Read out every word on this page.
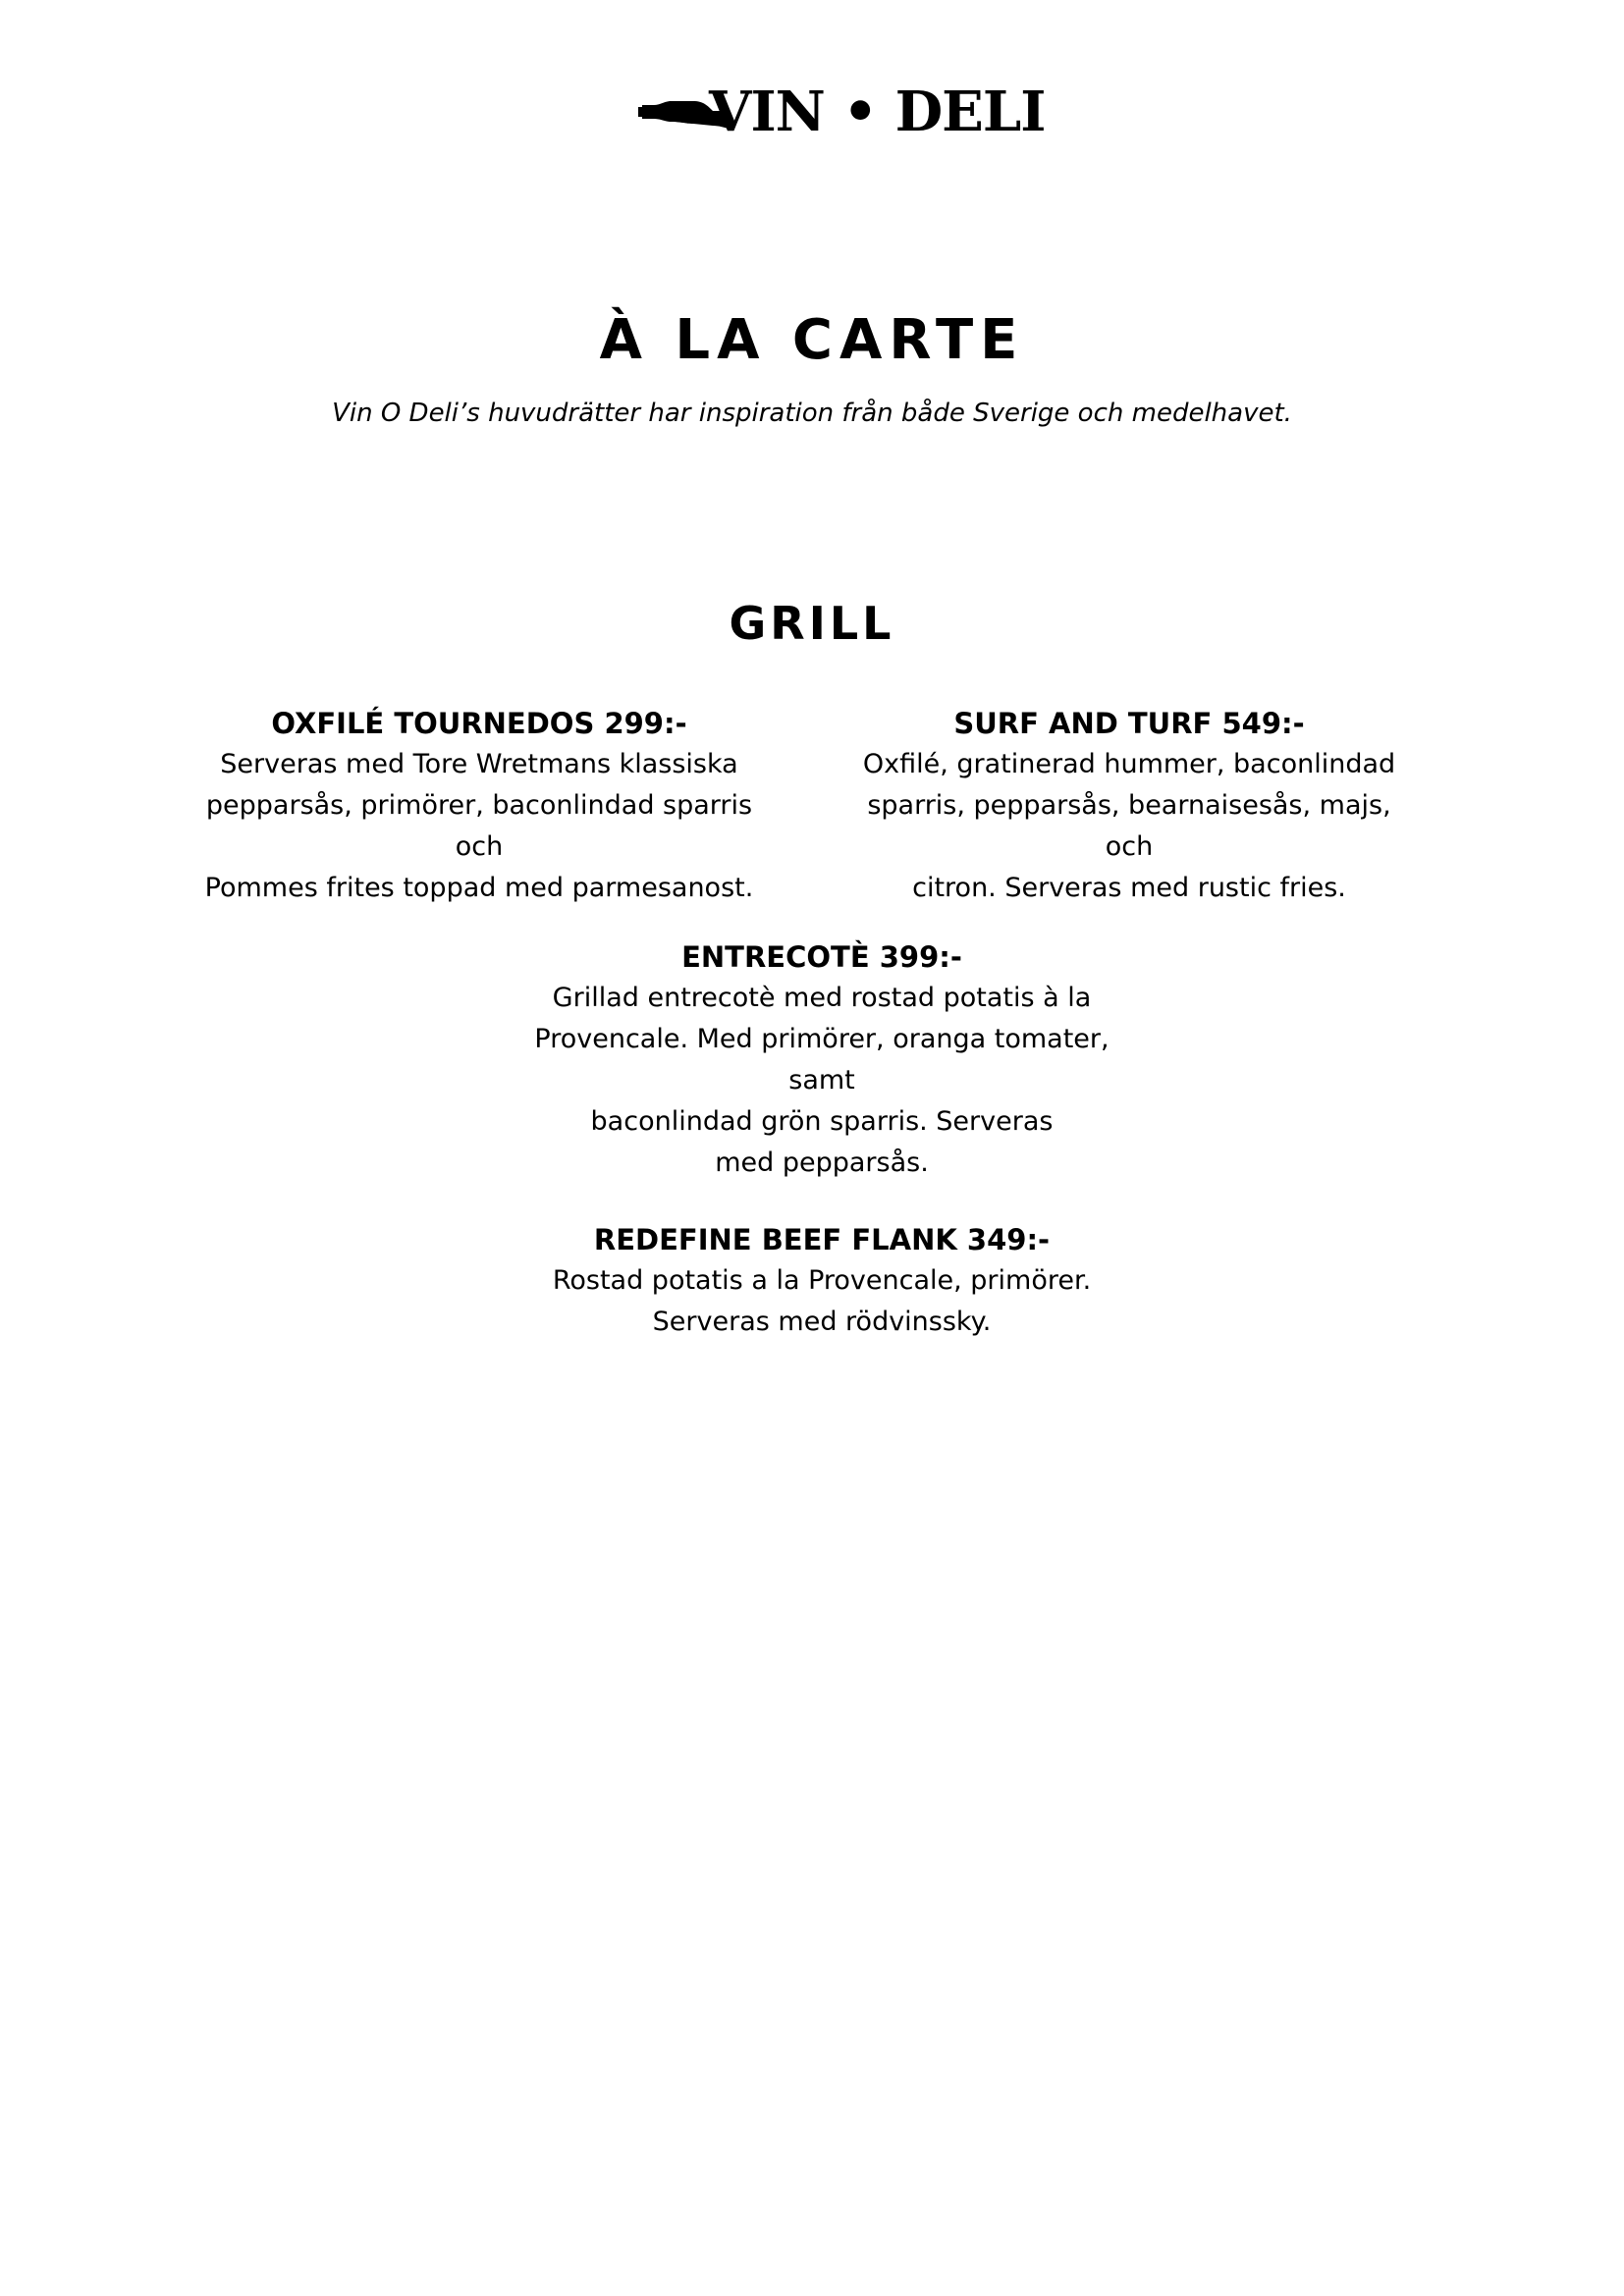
VIN • DELI
À LA CARTE

Vin O Deli’s huvudrätter har inspiration från både Sverige och medelhavet.

GRILL

OXFILÉ TOURNEDOS 299:-

Serveras med Tore Wretmans klassiska

pepparsås, primörer, baconlindad sparris och

Pommes frites toppad med parmesanost.

SURF AND TURF 549:-

Oxfilé, gratinerad hummer, baconlindad

sparris, pepparsås, bearnaisesås, majs, och

citron. Serveras med rustic fries.

ENTRECOTÈ 399:-

Grillad entrecotè med rostad potatis à la

Provencale. Med primörer, oranga tomater, samt

baconlindad grön sparris. Serveras

med pepparsås.

REDEFINE BEEF FLANK 349:-

Rostad potatis a la Provencale, primörer.

Serveras med rödvinssky.
